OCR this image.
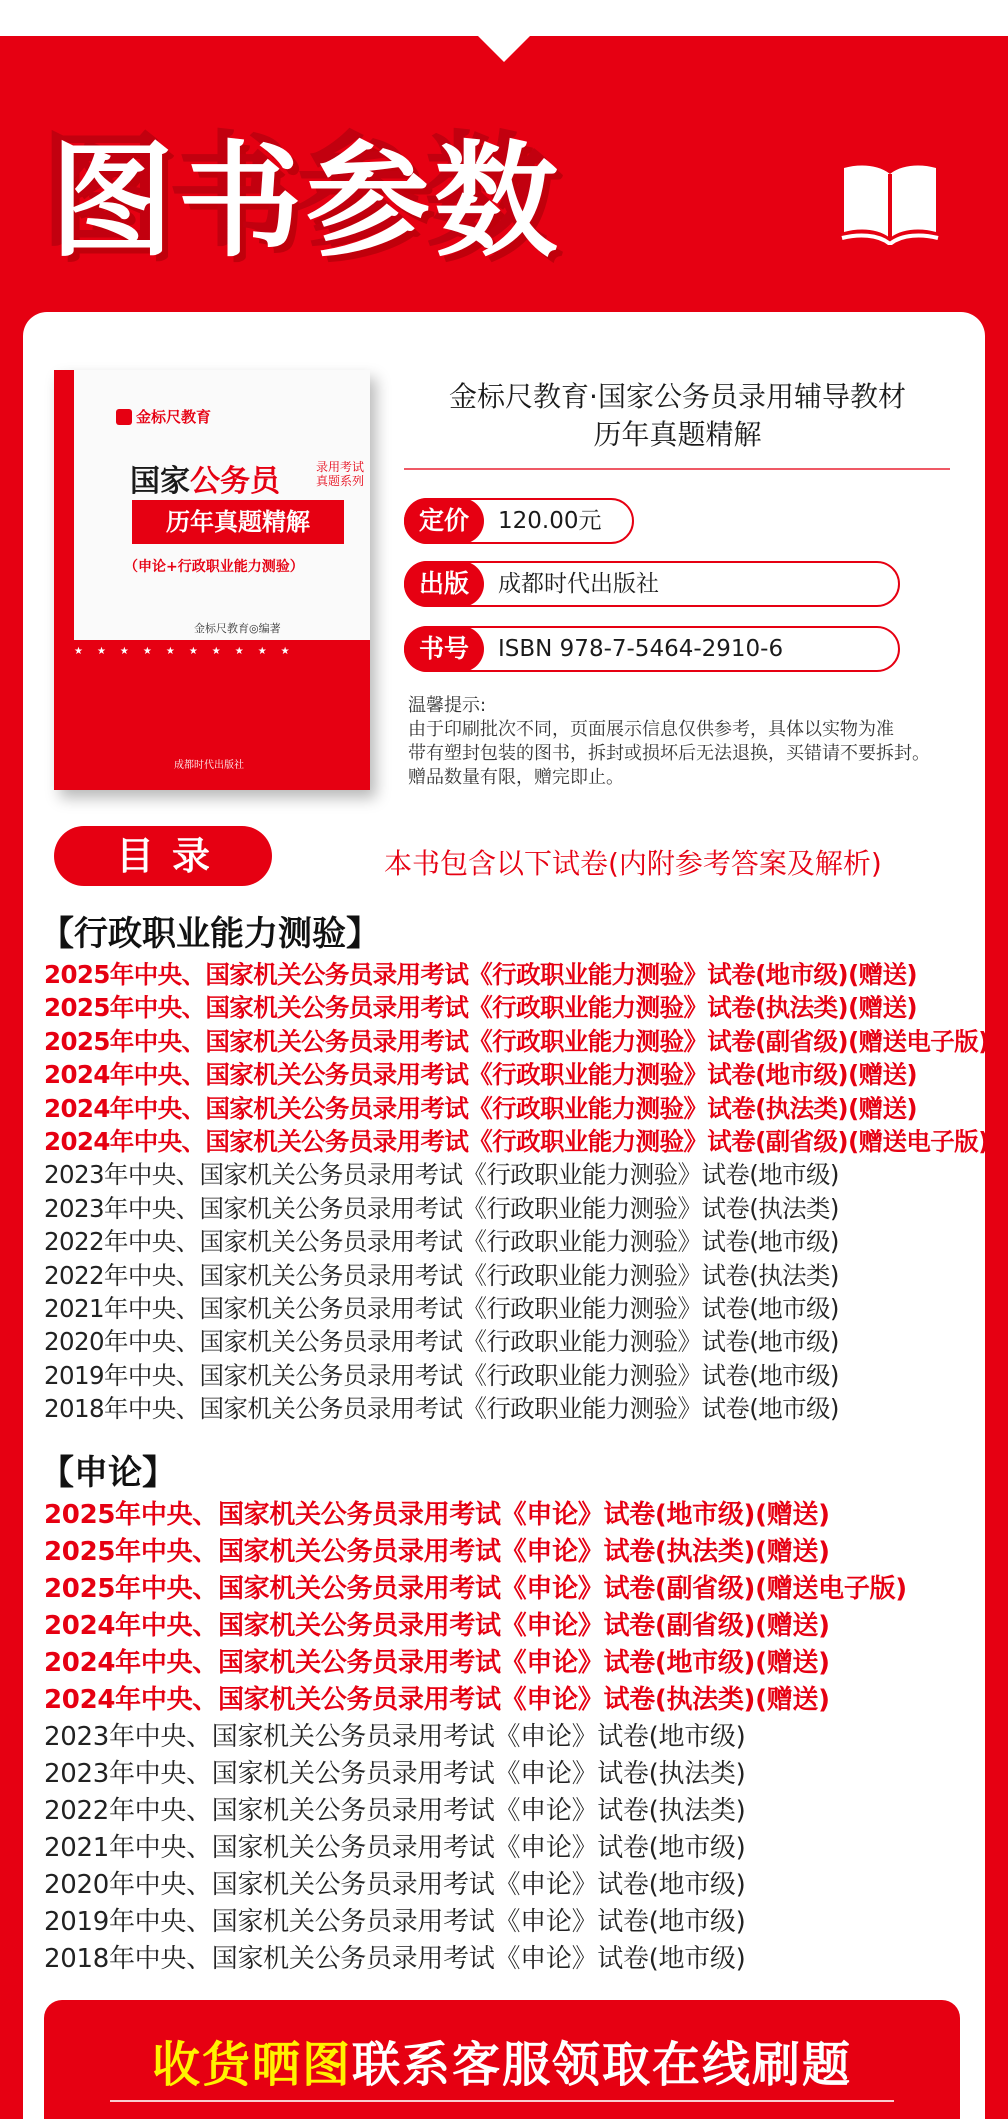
图书参数
金标尺教育
国家公务员	录用考试真题系列
历年真题精解
（申论+行政职业能力测验）
金标尺教育◎编著
★★★★★★★★★★
成都时代出版社
金标尺教育·国家公务员录用辅导教材
历年真题精解
定价	120.00元
出版	成都时代出版社
书号	ISBN 978-7-5464-2910-6
温馨提示:
由于印刷批次不同，页面展示信息仅供参考，具体以实物为准
带有塑封包装的图书，拆封或损坏后无法退换，买错请不要拆封。
赠品数量有限，赠完即止。
目录	本书包含以下试卷(内附参考答案及解析)
【行政职业能力测验】
2025年中央、国家机关公务员录用考试《行政职业能力测验》试卷(地市级)(赠送)
2025年中央、国家机关公务员录用考试《行政职业能力测验》试卷(执法类)(赠送)
2025年中央、国家机关公务员录用考试《行政职业能力测验》试卷(副省级)(赠送电子版)
2024年中央、国家机关公务员录用考试《行政职业能力测验》试卷(地市级)(赠送)
2024年中央、国家机关公务员录用考试《行政职业能力测验》试卷(执法类)(赠送)
2024年中央、国家机关公务员录用考试《行政职业能力测验》试卷(副省级)(赠送电子版)
2023年中央、国家机关公务员录用考试《行政职业能力测验》试卷(地市级)
2023年中央、国家机关公务员录用考试《行政职业能力测验》试卷(执法类)
2022年中央、国家机关公务员录用考试《行政职业能力测验》试卷(地市级)
2022年中央、国家机关公务员录用考试《行政职业能力测验》试卷(执法类)
2021年中央、国家机关公务员录用考试《行政职业能力测验》试卷(地市级)
2020年中央、国家机关公务员录用考试《行政职业能力测验》试卷(地市级)
2019年中央、国家机关公务员录用考试《行政职业能力测验》试卷(地市级)
2018年中央、国家机关公务员录用考试《行政职业能力测验》试卷(地市级)
【申论】
2025年中央、国家机关公务员录用考试《申论》试卷(地市级)(赠送)
2025年中央、国家机关公务员录用考试《申论》试卷(执法类)(赠送)
2025年中央、国家机关公务员录用考试《申论》试卷(副省级)(赠送电子版)
2024年中央、国家机关公务员录用考试《申论》试卷(副省级)(赠送)
2024年中央、国家机关公务员录用考试《申论》试卷(地市级)(赠送)
2024年中央、国家机关公务员录用考试《申论》试卷(执法类)(赠送)
2023年中央、国家机关公务员录用考试《申论》试卷(地市级)
2023年中央、国家机关公务员录用考试《申论》试卷(执法类)
2022年中央、国家机关公务员录用考试《申论》试卷(执法类)
2021年中央、国家机关公务员录用考试《申论》试卷(地市级)
2020年中央、国家机关公务员录用考试《申论》试卷(地市级)
2019年中央、国家机关公务员录用考试《申论》试卷(地市级)
2018年中央、国家机关公务员录用考试《申论》试卷(地市级)
收货晒图联系客服领取在线刷题
